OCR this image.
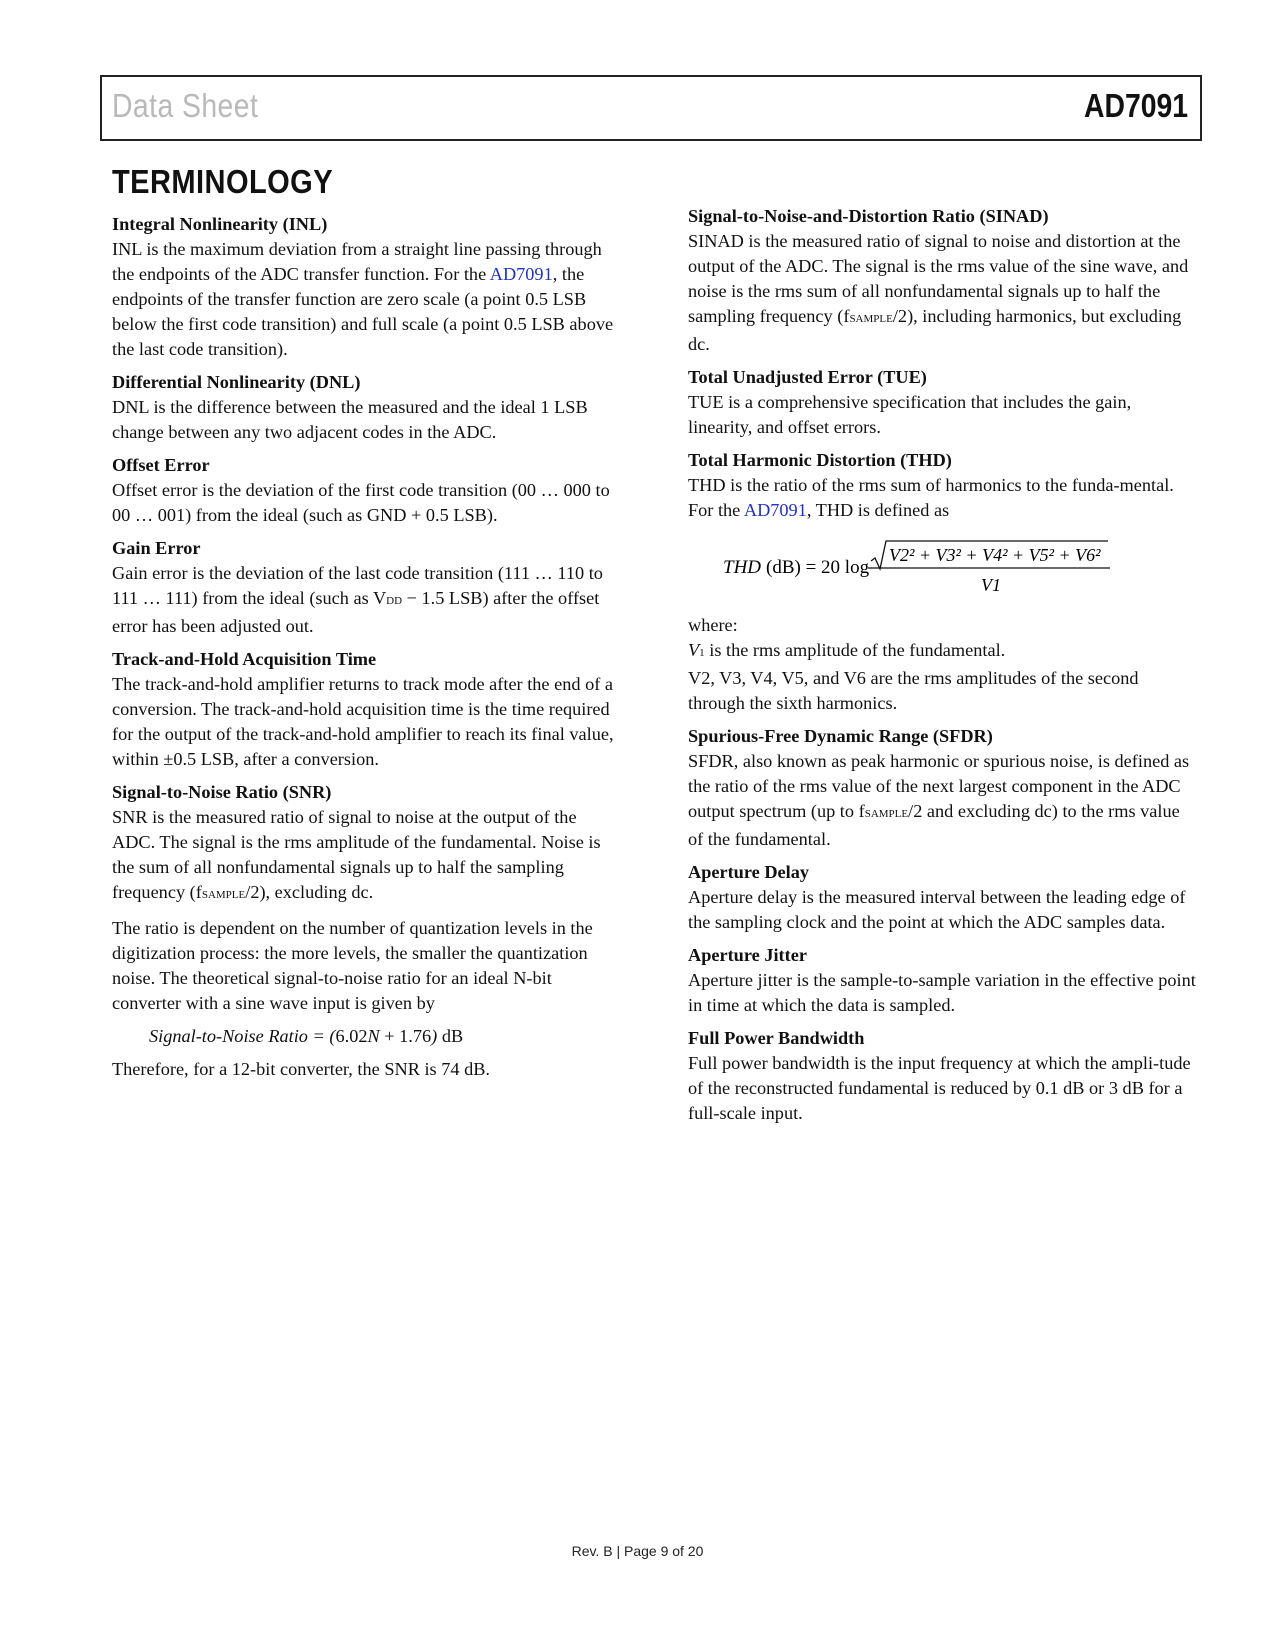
Data Sheet	AD7091
TERMINOLOGY

Integral Nonlinearity (INL)

INL is the maximum deviation from a straight line passing through the endpoints of the ADC transfer function. For the AD7091, the endpoints of the transfer function are zero scale (a point 0.5 LSB below the first code transition) and full scale (a point 0.5 LSB above the last code transition).

Differential Nonlinearity (DNL)

DNL is the difference between the measured and the ideal 1 LSB change between any two adjacent codes in the ADC.

Offset Error

Offset error is the deviation of the first code transition (00 … 000 to 00 … 001) from the ideal (such as GND + 0.5 LSB).

Gain Error

Gain error is the deviation of the last code transition (111 … 110 to 111 … 111) from the ideal (such as VDD − 1.5 LSB) after the offset error has been adjusted out.

Track-and-Hold Acquisition Time

The track-and-hold amplifier returns to track mode after the end of a conversion. The track-and-hold acquisition time is the time required for the output of the track-and-hold amplifier to reach its final value, within ±0.5 LSB, after a conversion.

Signal-to-Noise Ratio (SNR)

SNR is the measured ratio of signal to noise at the output of the ADC. The signal is the rms amplitude of the fundamental. Noise is the sum of all nonfundamental signals up to half the sampling frequency (fSAMPLE/2), excluding dc.

The ratio is dependent on the number of quantization levels in the digitization process: the more levels, the smaller the quantization noise. The theoretical signal-to-noise ratio for an ideal N-bit converter with a sine wave input is given by

Signal-to-Noise Ratio = (6.02N + 1.76) dB

Therefore, for a 12-bit converter, the SNR is 74 dB.

Signal-to-Noise-and-Distortion Ratio (SINAD)

SINAD is the measured ratio of signal to noise and distortion at the output of the ADC. The signal is the rms value of the sine wave, and noise is the rms sum of all nonfundamental signals up to half the sampling frequency (fSAMPLE/2), including harmonics, but excluding dc.

Total Unadjusted Error (TUE)

TUE is a comprehensive specification that includes the gain, linearity, and offset errors.

Total Harmonic Distortion (THD)

THD is the ratio of the rms sum of harmonics to the funda-mental. For the AD7091, THD is defined as

THD (dB) = 20 log
V2² + V3² + V4² + V5² + V6²
V1

where:

V1 is the rms amplitude of the fundamental.

V2, V3, V4, V5, and V6 are the rms amplitudes of the second through the sixth harmonics.

Spurious-Free Dynamic Range (SFDR)

SFDR, also known as peak harmonic or spurious noise, is defined as the ratio of the rms value of the next largest component in the ADC output spectrum (up to fSAMPLE/2 and excluding dc) to the rms value of the fundamental.

Aperture Delay

Aperture delay is the measured interval between the leading edge of the sampling clock and the point at which the ADC samples data.

Aperture Jitter

Aperture jitter is the sample-to-sample variation in the effective point in time at which the data is sampled.

Full Power Bandwidth

Full power bandwidth is the input frequency at which the ampli-tude of the reconstructed fundamental is reduced by 0.1 dB or 3 dB for a full-scale input.

Rev. B | Page 9 of 20
